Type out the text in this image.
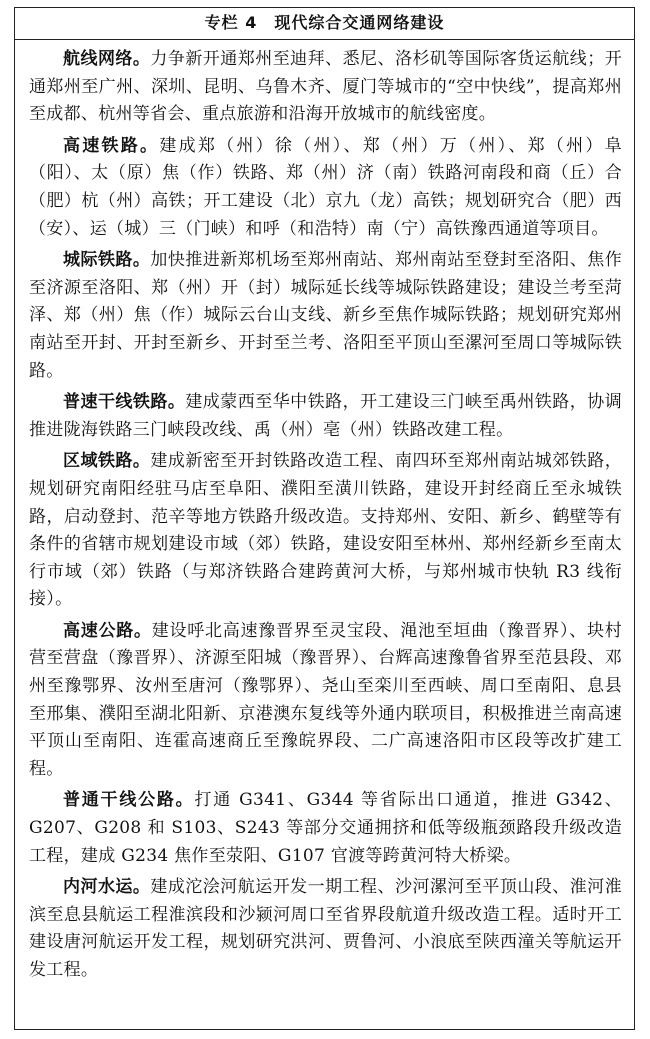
专栏 4　现代综合交通网络建设

航线网络。力争新开通郑州至迪拜、悉尼、洛杉矶等国际客货运航线；开通郑州至广州、深圳、昆明、乌鲁木齐、厦门等城市的“空中快线”，提高郑州至成都、杭州等省会、重点旅游和沿海开放城市的航线密度。

高速铁路。建成郑（州）徐（州）、郑（州）万（州）、郑（州）阜（阳）、太（原）焦（作）铁路、郑（州）济（南）铁路河南段和商（丘）合（肥）杭（州）高铁；开工建设（北）京九（龙）高铁；规划研究合（肥）西（安）、运（城）三（门峡）和呼（和浩特）南（宁）高铁豫西通道等项目。

城际铁路。加快推进新郑机场至郑州南站、郑州南站至登封至洛阳、焦作至济源至洛阳、郑（州）开（封）城际延长线等城际铁路建设；建设兰考至菏泽、郑（州）焦（作）城际云台山支线、新乡至焦作城际铁路；规划研究郑州南站至开封、开封至新乡、开封至兰考、洛阳至平顶山至漯河至周口等城际铁路。

普速干线铁路。建成蒙西至华中铁路，开工建设三门峡至禹州铁路，协调推进陇海铁路三门峡段改线、禹（州）亳（州）铁路改建工程。

区域铁路。建成新密至开封铁路改造工程、南四环至郑州南站城郊铁路，规划研究南阳经驻马店至阜阳、濮阳至潢川铁路，建设开封经商丘至永城铁路，启动登封、范辛等地方铁路升级改造。支持郑州、安阳、新乡、鹤壁等有条件的省辖市规划建设市域（郊）铁路，建设安阳至林州、郑州经新乡至南太行市域（郊）铁路（与郑济铁路合建跨黄河大桥，与郑州城市快轨 R3 线衔接）。

高速公路。建设呼北高速豫晋界至灵宝段、渑池至垣曲（豫晋界）、块村营至营盘（豫晋界）、济源至阳城（豫晋界）、台辉高速豫鲁省界至范县段、邓州至豫鄂界、汝州至唐河（豫鄂界）、尧山至栾川至西峡、周口至南阳、息县至邢集、濮阳至湖北阳新、京港澳东复线等外通内联项目，积极推进兰南高速平顶山至南阳、连霍高速商丘至豫皖界段、二广高速洛阳市区段等改扩建工程。

普通干线公路。打通 G341、G344 等省际出口通道，推进 G342、G207、G208 和 S103、S243 等部分交通拥挤和低等级瓶颈路段升级改造工程，建成 G234 焦作至荥阳、G107 官渡等跨黄河特大桥梁。

内河水运。建成沱浍河航运开发一期工程、沙河漯河至平顶山段、淮河淮滨至息县航运工程淮滨段和沙颍河周口至省界段航道升级改造工程。适时开工建设唐河航运开发工程，规划研究洪河、贾鲁河、小浪底至陕西潼关等航运开发工程。
